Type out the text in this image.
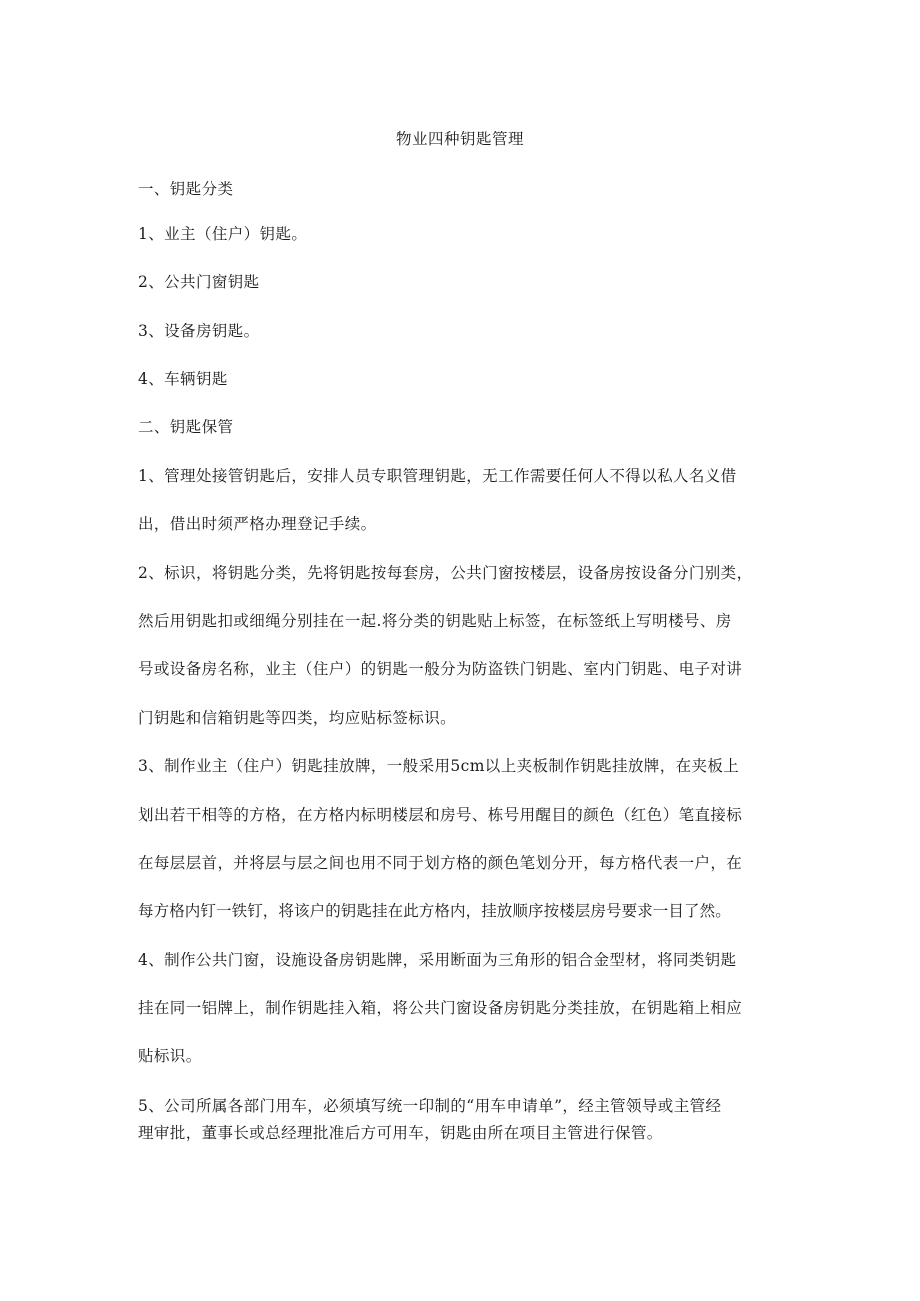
物业四种钥匙管理
一、钥匙分类
1、业主（住户）钥匙。
2、公共门窗钥匙
3、设备房钥匙。
4、车辆钥匙
二、钥匙保管
1、管理处接管钥匙后，安排人员专职管理钥匙，无工作需要任何人不得以私人名义借
出，借出时须严格办理登记手续。
2、标识，将钥匙分类，先将钥匙按每套房，公共门窗按楼层，设备房按设备分门别类，
然后用钥匙扣或细绳分别挂在一起.将分类的钥匙贴上标签，在标签纸上写明楼号、房
号或设备房名称，业主（住户）的钥匙一般分为防盗铁门钥匙、室内门钥匙、电子对讲
门钥匙和信箱钥匙等四类，均应贴标签标识。
3、制作业主（住户）钥匙挂放牌，一般采用5cm以上夹板制作钥匙挂放牌，在夹板上
划出若干相等的方格，在方格内标明楼层和房号、栋号用醒目的颜色（红色）笔直接标
在每层层首，并将层与层之间也用不同于划方格的颜色笔划分开，每方格代表一户，在
每方格内钉一铁钉，将该户的钥匙挂在此方格内，挂放顺序按楼层房号要求一目了然。
4、制作公共门窗，设施设备房钥匙牌，采用断面为三角形的铝合金型材，将同类钥匙
挂在同一铝牌上，制作钥匙挂入箱，将公共门窗设备房钥匙分类挂放，在钥匙箱上相应
贴标识。
5、公司所属各部门用车，必须填写统一印制的“用车申请单”，经主管领导或主管经
理审批，董事长或总经理批准后方可用车，钥匙由所在项目主管进行保管。
